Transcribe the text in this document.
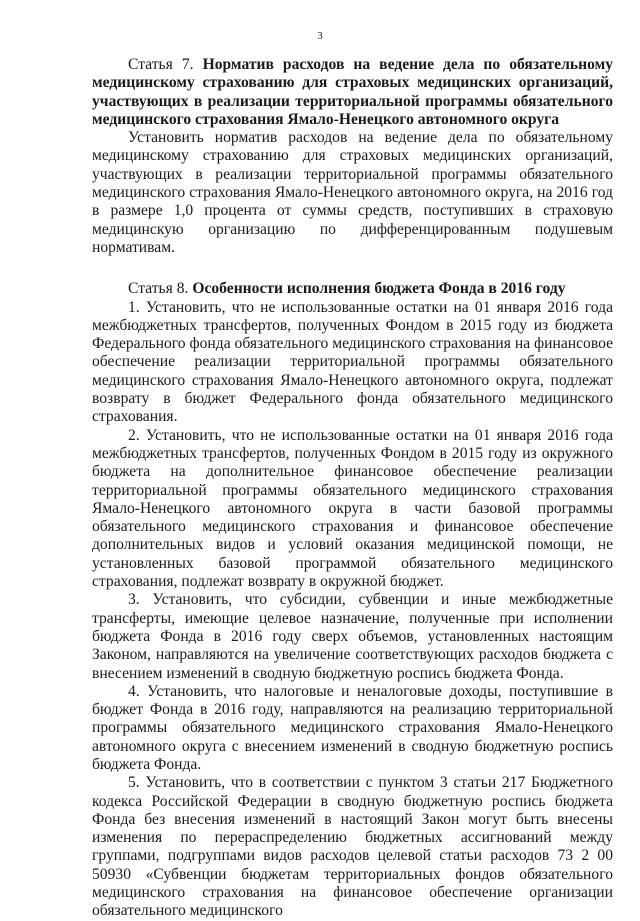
3

Статья 7. Норматив расходов на ведение дела по обязательному медицинскому страхованию для страховых медицинских организаций, участвующих в реализации территориальной программы обязательного медицинского страхования Ямало-Ненецкого автономного округа

Установить норматив расходов на ведение дела по обязательному медицинскому страхованию для страховых медицинских организаций, участвующих в реализации территориальной программы обязательного медицинского страхования Ямало-Ненецкого автономного округа, на 2016 год в размере 1,0 процента от суммы средств, поступивших в страховую медицинскую организацию по дифференцированным подушевым нормативам.

Статья 8. Особенности исполнения бюджета Фонда в 2016 году

1. Установить, что не использованные остатки на 01 января 2016 года межбюджетных трансфертов, полученных Фондом в 2015 году из бюджета Федерального фонда обязательного медицинского страхования на финансовое обеспечение реализации территориальной программы обязательного медицинского страхования Ямало-Ненецкого автономного округа, подлежат возврату в бюджет Федерального фонда обязательного медицинского страхования.

2. Установить, что не использованные остатки на 01 января 2016 года межбюджетных трансфертов, полученных Фондом в 2015 году из окружного бюджета на дополнительное финансовое обеспечение реализации территориальной программы обязательного медицинского страхования Ямало-Ненецкого автономного округа в части базовой программы обязательного медицинского страхования и финансовое обеспечение дополнительных видов и условий оказания медицинской помощи, не установленных базовой программой обязательного медицинского страхования, подлежат возврату в окружной бюджет.

3. Установить, что субсидии, субвенции и иные межбюджетные трансферты, имеющие целевое назначение, полученные при исполнении бюджета Фонда в 2016 году сверх объемов, установленных настоящим Законом, направляются на увеличение соответствующих расходов бюджета с внесением изменений в сводную бюджетную роспись бюджета Фонда.

4. Установить, что налоговые и неналоговые доходы, поступившие в бюджет Фонда в 2016 году, направляются на реализацию территориальной программы обязательного медицинского страхования Ямало-Ненецкого автономного округа с внесением изменений в сводную бюджетную роспись бюджета Фонда.

5. Установить, что в соответствии с пунктом 3 статьи 217 Бюджетного кодекса Российской Федерации в сводную бюджетную роспись бюджета Фонда без внесения изменений в настоящий Закон могут быть внесены изменения по перераспределению бюджетных ассигнований между группами, подгруппами видов расходов целевой статьи расходов 73 2 00 50930 «Субвенции бюджетам территориальных фондов обязательного медицинского страхования на финансовое обеспечение организации обязательного медицинского
